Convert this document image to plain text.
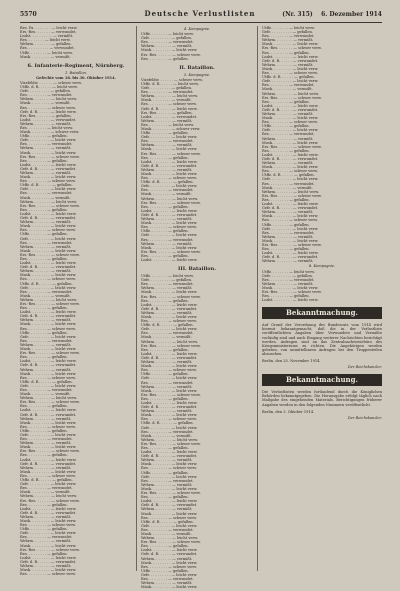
5570	Deutsche Verlustlisten	(Nr. 315) 6. Dezember 1914
Res. Pa. . . . . . . . — leicht verw.
Ers.-Res. . . . . . . — verwundet.
Lndst. . . . . . . . . . — vermißt.
Res. . . . . . . . — leicht verw.
Wehrm. . . . . . . . — gefallen.
Res. . . . . . . . . . — verwundet.
Utffz. . . . . . . . — leicht verw.
Musk. . . . . . . . . — vermißt.
6. Infanterie-Regiment, Nürnberg.
1. Bataillon.
Gefechte vom 18. bis 30. Oktober 1914.
Vizefeldw. . . . . . . — schwer verw.
Utffz. d. R. . . . . . — leicht verw.
Gefr. . . . . . . . . . — gefallen.
Res. . . . . . . . . — verwundet.
Wehrm. . . . . . . . — leicht verw.
Musk. . . . . . . . . — vermißt.
Res. . . . . . . . . — schwer verw.
Gefr. d. R. . . . . . — leicht verw.
Ers.-Res. . . . . . . — gefallen.
Lndst. . . . . . . . . — verwundet.
Wehrm. . . . . . . . — vermißt.
Res. . . . . . . . . — leicht verw.
Musk. . . . . . . . . — schwer verw.
Utffz. . . . . . . . — gefallen.
Gefr. . . . . . . . . . — leicht verw.
Res. . . . . . . . . — verwundet.
Wehrm. . . . . . . . — vermißt.
Musk. . . . . . . . . — leicht verw.
Ers.-Res. . . . . . . — schwer verw.
Res. . . . . . . . . — gefallen.
Lndst. . . . . . . . . — leicht verw.
Gefr. d. R. . . . . . — verwundet.
Wehrm. . . . . . . . — vermißt.
Musk. . . . . . . . . — leicht verw.
Res. . . . . . . . . — schwer verw.
Utffz. d. R. . . . . . — gefallen.
Gefr. . . . . . . . . . — leicht verw.
Res. . . . . . . . . — verwundet.
Musk. . . . . . . . . — vermißt.
Wehrm. . . . . . . . — leicht verw.
Ers.-Res. . . . . . . — schwer verw.
Res. . . . . . . . . — gefallen.
Lndst. . . . . . . . . — leicht verw.
Gefr. d. R. . . . . . — verwundet.
Wehrm. . . . . . . . — vermißt.
Musk. . . . . . . . . — leicht verw.
Res. . . . . . . . . — schwer verw.
Utffz. . . . . . . . — gefallen.
Gefr. . . . . . . . . . — leicht verw.
Res. . . . . . . . . — verwundet.
Wehrm. . . . . . . . — vermißt.
Musk. . . . . . . . . — leicht verw.
Ers.-Res. . . . . . . — schwer verw.
Res. . . . . . . . . — gefallen.
Lndst. . . . . . . . . — leicht verw.
Gefr. d. R. . . . . . — verwundet.
Wehrm. . . . . . . . — vermißt.
Musk. . . . . . . . . — leicht verw.
Res. . . . . . . . . — schwer verw.
Utffz. d. R. . . . . . — gefallen.
Gefr. . . . . . . . . . — leicht verw.
Res. . . . . . . . . — verwundet.
Musk. . . . . . . . . — vermißt.
Wehrm. . . . . . . . — leicht verw.
Ers.-Res. . . . . . . — schwer verw.
Res. . . . . . . . . — gefallen.
Lndst. . . . . . . . . — leicht verw.
Gefr. d. R. . . . . . — verwundet.
Wehrm. . . . . . . . — vermißt.
Musk. . . . . . . . . — leicht verw.
Res. . . . . . . . . — schwer verw.
Utffz. . . . . . . . — gefallen.
Gefr. . . . . . . . . . — leicht verw.
Res. . . . . . . . . — verwundet.
Wehrm. . . . . . . . — vermißt.
Musk. . . . . . . . . — leicht verw.
Ers.-Res. . . . . . . — schwer verw.
Res. . . . . . . . . — gefallen.
Lndst. . . . . . . . . — leicht verw.
Gefr. d. R. . . . . . — verwundet.
Wehrm. . . . . . . . — vermißt.
Musk. . . . . . . . . — leicht verw.
Res. . . . . . . . . — schwer verw.
Utffz. d. R. . . . . . — gefallen.
Gefr. . . . . . . . . . — leicht verw.
Res. . . . . . . . . — verwundet.
Musk. . . . . . . . . — vermißt.
Wehrm. . . . . . . . — leicht verw.
Ers.-Res. . . . . . . — schwer verw.
Res. . . . . . . . . — gefallen.
Lndst. . . . . . . . . — leicht verw.
Gefr. d. R. . . . . . — verwundet.
Wehrm. . . . . . . . — vermißt.
Musk. . . . . . . . . — leicht verw.
Res. . . . . . . . . — schwer verw.
Utffz. . . . . . . . — gefallen.
Gefr. . . . . . . . . . — leicht verw.
Res. . . . . . . . . — verwundet.
Wehrm. . . . . . . . — vermißt.
Musk. . . . . . . . . — leicht verw.
Ers.-Res. . . . . . . — schwer verw.
Res. . . . . . . . . — gefallen.
Lndst. . . . . . . . . — leicht verw.
Gefr. d. R. . . . . . — verwundet.
Wehrm. . . . . . . . — vermißt.
Musk. . . . . . . . . — leicht verw.
Res. . . . . . . . . — schwer verw.
Utffz. d. R. . . . . . — gefallen.
Gefr. . . . . . . . . . — leicht verw.
Res. . . . . . . . . — verwundet.
Musk. . . . . . . . . — vermißt.
Wehrm. . . . . . . . — leicht verw.
Ers.-Res. . . . . . . — schwer verw.
Res. . . . . . . . . — gefallen.
Lndst. . . . . . . . . — leicht verw.
Gefr. d. R. . . . . . — verwundet.
Wehrm. . . . . . . . — vermißt.
Musk. . . . . . . . . — leicht verw.
Res. . . . . . . . . — schwer verw.
Utffz. . . . . . . . — gefallen.
Gefr. . . . . . . . . . — leicht verw.
Res. . . . . . . . . — verwundet.
Wehrm. . . . . . . . — vermißt.
Musk. . . . . . . . . — leicht verw.
Ers.-Res. . . . . . . — schwer verw.
Res. . . . . . . . . — gefallen.
Lndst. . . . . . . . . — leicht verw.
Gefr. d. R. . . . . . — verwundet.
Wehrm. . . . . . . . — vermißt.
Musk. . . . . . . . . — leicht verw.
Res. . . . . . . . . — schwer verw.
4. Kompagnie.
Utffz. . . . . . . . — leicht verw.
Gefr. . . . . . . . . . — gefallen.
Res. . . . . . . . . — verwundet.
Wehrm. . . . . . . . — vermißt.
Musk. . . . . . . . . — leicht verw.
Ers.-Res. . . . . . . — schwer verw.
Res. . . . . . . . . — gefallen.
II. Bataillon.
5. Kompagnie.
Vizefeldw. . . . . . . — schwer verw.
Utffz. d. R. . . . . . — leicht verw.
Gefr. . . . . . . . . . — gefallen.
Res. . . . . . . . . — verwundet.
Wehrm. . . . . . . . — leicht verw.
Musk. . . . . . . . . — vermißt.
Res. . . . . . . . . — schwer verw.
Gefr. d. R. . . . . . — leicht verw.
Ers.-Res. . . . . . . — gefallen.
Lndst. . . . . . . . . — verwundet.
Wehrm. . . . . . . . — vermißt.
Res. . . . . . . . . — leicht verw.
Musk. . . . . . . . . — schwer verw.
Utffz. . . . . . . . — gefallen.
Gefr. . . . . . . . . . — leicht verw.
Res. . . . . . . . . — verwundet.
Wehrm. . . . . . . . — vermißt.
Musk. . . . . . . . . — leicht verw.
Ers.-Res. . . . . . . — schwer verw.
Res. . . . . . . . . — gefallen.
Lndst. . . . . . . . . — leicht verw.
Gefr. d. R. . . . . . — verwundet.
Wehrm. . . . . . . . — vermißt.
Musk. . . . . . . . . — leicht verw.
Res. . . . . . . . . — schwer verw.
Utffz. d. R. . . . . . — gefallen.
Gefr. . . . . . . . . . — leicht verw.
Res. . . . . . . . . — verwundet.
Musk. . . . . . . . . — vermißt.
Wehrm. . . . . . . . — leicht verw.
Ers.-Res. . . . . . . — schwer verw.
Res. . . . . . . . . — gefallen.
Lndst. . . . . . . . . — leicht verw.
Gefr. d. R. . . . . . — verwundet.
Wehrm. . . . . . . . — vermißt.
Musk. . . . . . . . . — leicht verw.
Res. . . . . . . . . — schwer verw.
Utffz. . . . . . . . — gefallen.
Gefr. . . . . . . . . . — leicht verw.
Res. . . . . . . . . — verwundet.
Wehrm. . . . . . . . — vermißt.
Musk. . . . . . . . . — leicht verw.
Ers.-Res. . . . . . . — schwer verw.
Res. . . . . . . . . — gefallen.
Lndst. . . . . . . . . — leicht verw.
III. Bataillon.
Utffz. . . . . . . . — leicht verw.
Gefr. . . . . . . . . . — gefallen.
Res. . . . . . . . . — verwundet.
Wehrm. . . . . . . . — vermißt.
Musk. . . . . . . . . — leicht verw.
Ers.-Res. . . . . . . — schwer verw.
Res. . . . . . . . . — gefallen.
Lndst. . . . . . . . . — leicht verw.
Gefr. d. R. . . . . . — verwundet.
Wehrm. . . . . . . . — vermißt.
Musk. . . . . . . . . — leicht verw.
Res. . . . . . . . . — schwer verw.
Utffz. d. R. . . . . . — gefallen.
Gefr. . . . . . . . . . — leicht verw.
Res. . . . . . . . . — verwundet.
Musk. . . . . . . . . — vermißt.
Wehrm. . . . . . . . — leicht verw.
Ers.-Res. . . . . . . — schwer verw.
Res. . . . . . . . . — gefallen.
Lndst. . . . . . . . . — leicht verw.
Gefr. d. R. . . . . . — verwundet.
Wehrm. . . . . . . . — vermißt.
Musk. . . . . . . . . — leicht verw.
Res. . . . . . . . . — schwer verw.
Utffz. . . . . . . . — gefallen.
Gefr. . . . . . . . . . — leicht verw.
Res. . . . . . . . . — verwundet.
Wehrm. . . . . . . . — vermißt.
Musk. . . . . . . . . — leicht verw.
Ers.-Res. . . . . . . — schwer verw.
Res. . . . . . . . . — gefallen.
Lndst. . . . . . . . . — leicht verw.
Gefr. d. R. . . . . . — verwundet.
Wehrm. . . . . . . . — vermißt.
Musk. . . . . . . . . — leicht verw.
Res. . . . . . . . . — schwer verw.
Utffz. d. R. . . . . . — gefallen.
Gefr. . . . . . . . . . — leicht verw.
Res. . . . . . . . . — verwundet.
Musk. . . . . . . . . — vermißt.
Wehrm. . . . . . . . — leicht verw.
Ers.-Res. . . . . . . — schwer verw.
Res. . . . . . . . . — gefallen.
Lndst. . . . . . . . . — leicht verw.
Gefr. d. R. . . . . . — verwundet.
Wehrm. . . . . . . . — vermißt.
Musk. . . . . . . . . — leicht verw.
Res. . . . . . . . . — schwer verw.
Utffz. . . . . . . . — gefallen.
Gefr. . . . . . . . . . — leicht verw.
Res. . . . . . . . . — verwundet.
Wehrm. . . . . . . . — vermißt.
Musk. . . . . . . . . — leicht verw.
Ers.-Res. . . . . . . — schwer verw.
Res. . . . . . . . . — gefallen.
Lndst. . . . . . . . . — leicht verw.
Gefr. d. R. . . . . . — verwundet.
Wehrm. . . . . . . . — vermißt.
Musk. . . . . . . . . — leicht verw.
Res. . . . . . . . . — schwer verw.
Utffz. d. R. . . . . . — gefallen.
Gefr. . . . . . . . . . — leicht verw.
Res. . . . . . . . . — verwundet.
Musk. . . . . . . . . — vermißt.
Wehrm. . . . . . . . — leicht verw.
Ers.-Res. . . . . . . — schwer verw.
Res. . . . . . . . . — gefallen.
Lndst. . . . . . . . . — leicht verw.
Gefr. d. R. . . . . . — verwundet.
Wehrm. . . . . . . . — vermißt.
Musk. . . . . . . . . — leicht verw.
Res. . . . . . . . . — schwer verw.
Utffz. . . . . . . . — gefallen.
Gefr. . . . . . . . . . — leicht verw.
Res. . . . . . . . . — verwundet.
Wehrm. . . . . . . . — vermißt.
Musk. . . . . . . . . — leicht verw.
Utffz. . . . . . . . — leicht verw.
Gefr. . . . . . . . . . — gefallen.
Res. . . . . . . . . — verwundet.
Wehrm. . . . . . . . — vermißt.
Musk. . . . . . . . . — leicht verw.
Ers.-Res. . . . . . . — schwer verw.
Res. . . . . . . . . — gefallen.
Lndst. . . . . . . . . — leicht verw.
Gefr. d. R. . . . . . — verwundet.
Wehrm. . . . . . . . — vermißt.
Musk. . . . . . . . . — leicht verw.
Res. . . . . . . . . — schwer verw.
Utffz. d. R. . . . . . — gefallen.
Gefr. . . . . . . . . . — leicht verw.
Res. . . . . . . . . — verwundet.
Musk. . . . . . . . . — vermißt.
Wehrm. . . . . . . . — leicht verw.
Ers.-Res. . . . . . . — schwer verw.
Res. . . . . . . . . — gefallen.
Lndst. . . . . . . . . — leicht verw.
Gefr. d. R. . . . . . — verwundet.
Wehrm. . . . . . . . — vermißt.
Musk. . . . . . . . . — leicht verw.
Res. . . . . . . . . — schwer verw.
Utffz. . . . . . . . — gefallen.
Gefr. . . . . . . . . . — leicht verw.
Res. . . . . . . . . — verwundet.
Wehrm. . . . . . . . — vermißt.
Musk. . . . . . . . . — leicht verw.
Ers.-Res. . . . . . . — schwer verw.
Res. . . . . . . . . — gefallen.
Lndst. . . . . . . . . — leicht verw.
Gefr. d. R. . . . . . — verwundet.
Wehrm. . . . . . . . — vermißt.
Musk. . . . . . . . . — leicht verw.
Res. . . . . . . . . — schwer verw.
Utffz. d. R. . . . . . — gefallen.
Gefr. . . . . . . . . . — leicht verw.
Res. . . . . . . . . — verwundet.
Musk. . . . . . . . . — vermißt.
Wehrm. . . . . . . . — leicht verw.
Ers.-Res. . . . . . . — schwer verw.
Res. . . . . . . . . — gefallen.
Lndst. . . . . . . . . — leicht verw.
Gefr. d. R. . . . . . — verwundet.
Wehrm. . . . . . . . — vermißt.
Musk. . . . . . . . . — leicht verw.
Res. . . . . . . . . — schwer verw.
Utffz. . . . . . . . — gefallen.
Gefr. . . . . . . . . . — leicht verw.
Res. . . . . . . . . — verwundet.
Wehrm. . . . . . . . — vermißt.
Musk. . . . . . . . . — leicht verw.
Ers.-Res. . . . . . . — schwer verw.
Res. . . . . . . . . — gefallen.
Lndst. . . . . . . . . — leicht verw.
Gefr. d. R. . . . . . — verwundet.
Wehrm. . . . . . . . — vermißt.
8. Kompagnie.
Utffz. . . . . . . . — leicht verw.
Gefr. . . . . . . . . . — gefallen.
Res. . . . . . . . . — verwundet.
Wehrm. . . . . . . . — vermißt.
Musk. . . . . . . . . — leicht verw.
Ers.-Res. . . . . . . — schwer verw.
Res. . . . . . . . . — gefallen.
Lndst. . . . . . . . . — leicht verw.
Bekanntmachung.
Auf Grund der Verordnung des Bundesrats vom 1914 wird hiermit bekanntgemacht, daß die in der Verlustliste veröffentlichten Angaben über Verwundete und Vermißte vorläufig sind und nach Eingang weiterer Nachrichten berichtigt werden. Anfragen sind an das Zentralnachweisebüro des Kriegsministeriums zu richten. Die Angehörigen werden gebeten, von unmittelbaren Anfragen bei den Truppenteilen abzusehen.
Berlin, den 25. November 1914.
Der Reichskanzler.
Bekanntmachung.
Die Verlustlisten werden fortlaufend durch die Königlichen Behörden bekanntgegeben. Die Herausgabe erfolgt täglich nach Maßgabe des eingehenden Materials. Berichtigungen früherer Angaben werden in den folgenden Nummern veröffentlicht.
Berlin, den 3. Oktober 1914.
Der Reichskanzler.
